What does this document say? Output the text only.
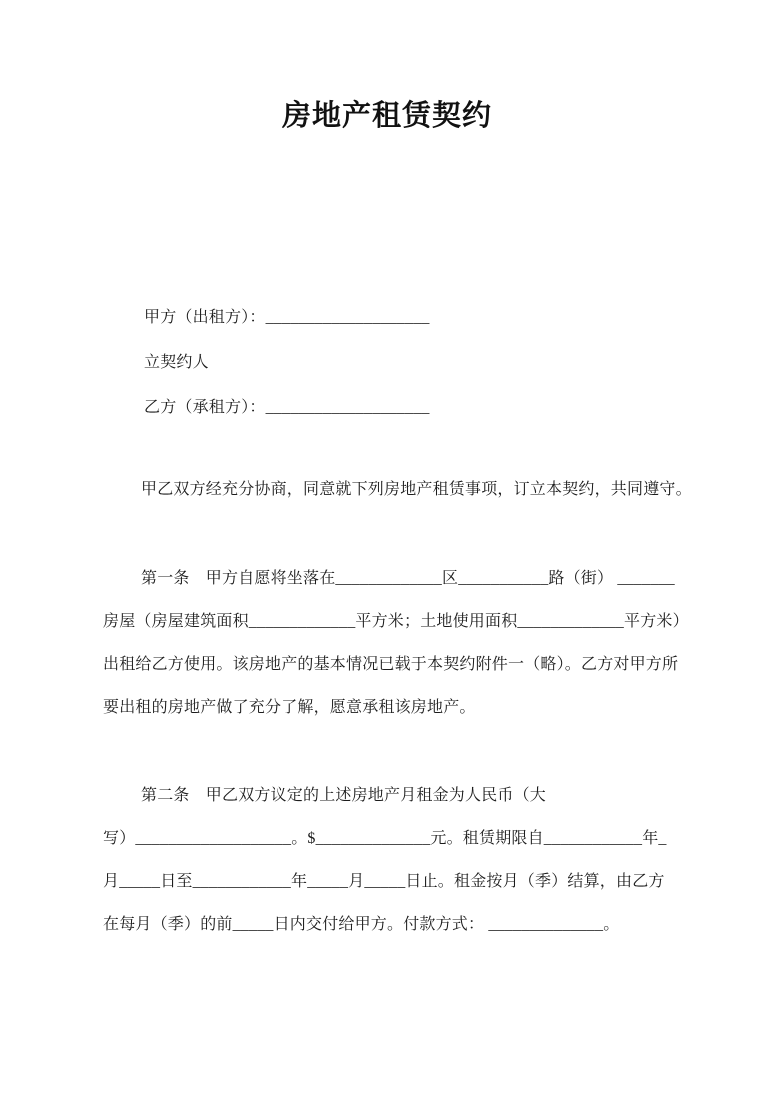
房地产租赁契约
甲方（出租方）：____________________
立契约人
乙方（承租方）：____________________
甲乙双方经充分协商，同意就下列房地产租赁事项，订立本契约，共同遵守。
第一条　甲方自愿将坐落在_____________区___________路（街） _______
房屋（房屋建筑面积_____________平方米；土地使用面积_____________平方米）
出租给乙方使用。该房地产的基本情况已载于本契约附件一（略）。乙方对甲方所
要出租的房地产做了充分了解，愿意承租该房地产。
第二条　甲乙双方议定的上述房地产月租金为人民币（大
写）___________________。$______________元。租赁期限自____________年_
月_____日至____________年_____月_____日止。租金按月（季）结算，由乙方
在每月（季）的前_____日内交付给甲方。付款方式： ______________。
